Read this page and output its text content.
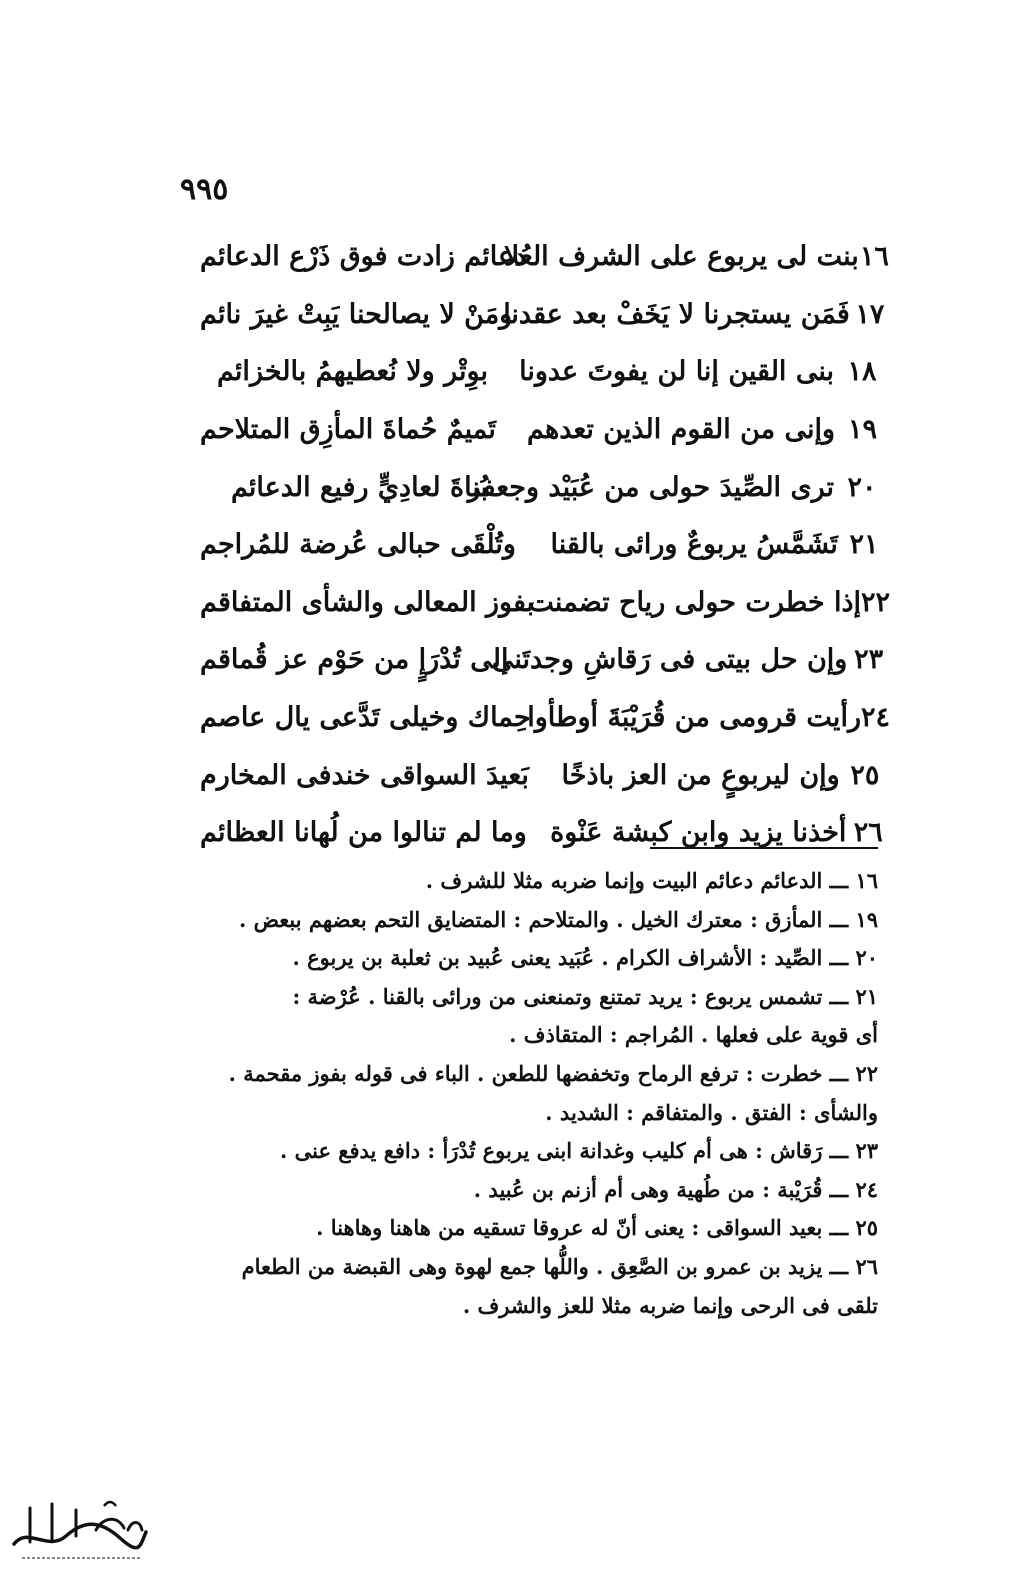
٩٩٥
١٦
بنت لى يربوع على الشرف العُلا
دعائم زادت فوق ذَرْع الدعائم
١٧
فَمَن يستجرنا لا يَخَفْ بعد عقدنا
ومَنْ لا يصالحنا يَبِتْ غيرَ نائم
١٨
بنى القين إنا لن يفوتَ عدونا
بوِتْر ولا نُعطيهمُ بالخزائم
١٩
وإنى من القوم الذين تعدهم
تَميمٌ حُماةَ المأزِق المتلاحم
٢٠
ترى الصِّيدَ حولى من عُبَيْد وجعفر
بُناةَ لعادِيٍّ رفيع الدعائم
٢١
تَشَمَّسُ يربوعٌ ورائى بالقنا
وتُلْقَى حبالى عُرضة للمُراجم
٢٢
إذا خطرت حولى رياح تضمنت
بفوز المعالى والشأى المتفاقم
٢٣
وإن حل بيتى فى رَقاشِ وجدتَنى
إلى تُدْرَإٍ من حَوْم عز قُماقم
٢٤
رأيت قرومى من قُرَيْبَةَ أوطأوا
حِماك وخيلى تَدَّعى يال عاصم
٢٥
وإن ليربوعٍ من العز باذخًا
بَعيدَ السواقى خندفى المخارم
٢٦
أخذنا يزيد وابن كبشة عَنْوة
وما لم تنالوا من لُهانا العظائم

١٦ ـــ الدعائم دعائم البيت وإنما ضربه مثلا للشرف .

١٩ ـــ المأزق : معترك الخيل . والمتلاحم : المتضايق التحم بعضهم ببعض .

٢٠ ـــ الصِّيد : الأشراف الكرام . عُبَيد يعنى عُبيد بن ثعلبة بن يربوع .

٢١ ـــ تشمس يربوع : يريد تمتنع وتمنعنى من ورائى بالقنا . عُرْضة :

أى قوية على فعلها . المُراجم : المتقاذف .

٢٢ ـــ خطرت : ترفع الرماح وتخفضها للطعن . الباء فى قوله بفوز مقحمة .

والشأى : الفتق . والمتفاقم : الشديد .

٢٣ ـــ رَقاش : هى أم كليب وغدانة ابنى يربوع تُدْرَأ : دافع يدفع عنى .

٢٤ ـــ قُرَيْبة : من طُهية وهى أم أزنم بن عُبيد .

٢٥ ـــ بعيد السواقى : يعنى أنّ له عروقا تسقيه من هاهنا وهاهنا .

٢٦ ـــ يزيد بن عمرو بن الصَّعِق . واللُّها جمع لهوة وهى القبضة من الطعام

تلقى فى الرحى وإنما ضربه مثلا للعز والشرف .
